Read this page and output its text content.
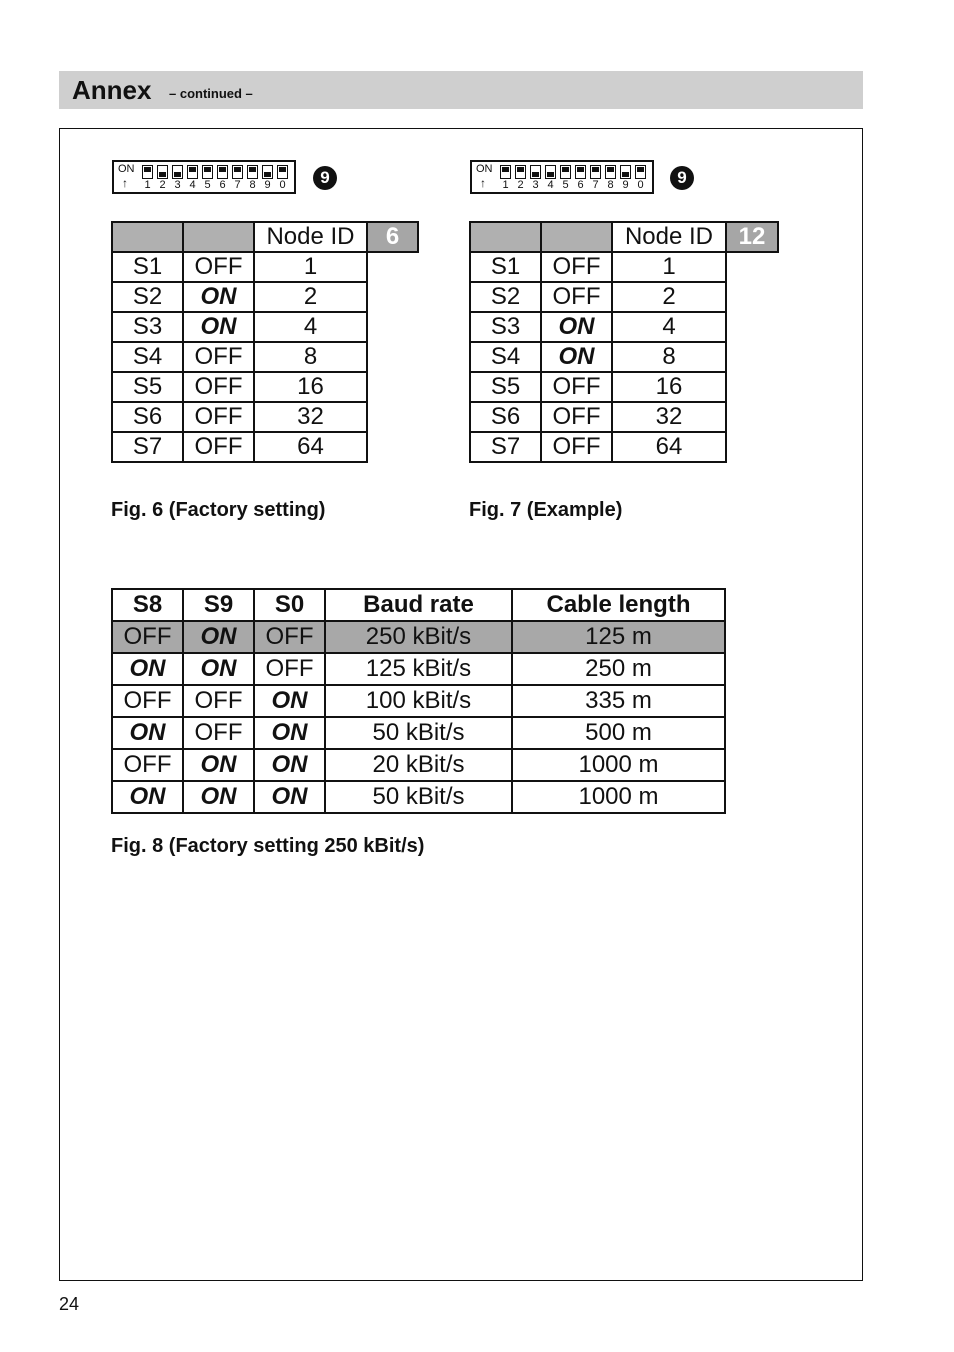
Annex – continued –
ON
↑ 1 2 3 4 5 6 7 8 9 0	9
		Node ID	6
S1	OFF	1	
S2	ON	2	
S3	ON	4	
S4	OFF	8	
S5	OFF	16	
S6	OFF	32	
S7	OFF	64	
Fig. 6 (Factory setting)
ON
↑ 1 2 3 4 5 6 7 8 9 0	9
		Node ID	12
S1	OFF	1	
S2	OFF	2	
S3	ON	4	
S4	ON	8	
S5	OFF	16	
S6	OFF	32	
S7	OFF	64	
Fig. 7 (Example)
S8	S9	S0	Baud rate	Cable length
OFF	ON	OFF	250 kBit/s	125 m
ON	ON	OFF	125 kBit/s	250 m
OFF	OFF	ON	100 kBit/s	335 m
ON	OFF	ON	50 kBit/s	500 m
OFF	ON	ON	20 kBit/s	1000 m
ON	ON	ON	50 kBit/s	1000 m
Fig. 8 (Factory setting 250 kBit/s)
24
